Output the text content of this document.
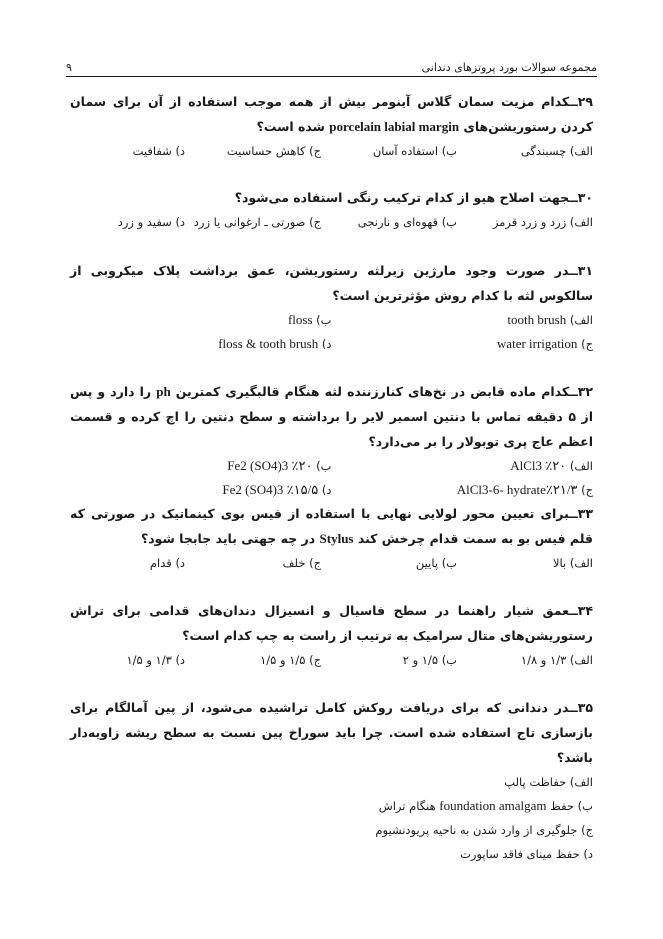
مجموعه سوالات بورد پروتزهای دندانی
۹
۲۹ــکدام مزیت سمان گلاس آینومر بیش از همه موجب استفاده از آن برای سمان کردن رستوریشن‌های porcelain labial margin شده است؟
الف) چسبندگی
ب) استفاده آسان
ج) کاهش حساسیت
د) شفافیت
۳۰ــجهت اصلاح هیو از کدام ترکیب رنگی استفاده می‌شود؟
الف) زرد و زرد قرمز
ب) قهوه‌ای و نارنجی
ج) صورتی ـ ارغوانی یا زرد
د) سفید و زرد
۳۱ــدر صورت وجود مارژین زیرلثه رستوریشن، عمق برداشت پلاک میکروبی از سالکوس لثه با کدام روش مؤثرترین است؟
الف) tooth brush
ب) floss
ج) water irrigation
د) floss & tooth brush
۳۲ــکدام ماده قابض در نخ‌های کنارزننده لثه هنگام قالبگیری کمترین ph را دارد و پس از ۵ دقیقه تماس با دنتین اسمیر لایر را برداشته و سطح دنتین را اچ کرده و قسمت اعظم عاج پری توبولار را بر می‌دارد؟
الف) AlCl3 ٪۲۰
ب) Fe2 (SO4)3 ٪۲۰
ج) AlCl3-6- hydrate٪۲۱/۳
د) Fe2 (SO4)3 ٪۱۵/۵
۳۳ــبرای تعیین محور لولایی نهایی با استفاده از فیس بوی کینماتیک در صورتی که قلم فیس بو به سمت قدام چرخش کند Stylus در چه جهتی باید جابجا شود؟
الف) بالا
ب) پایین
ج) خلف
د) قدام
۳۴ــعمق شیار راهنما در سطح فاسیال و انسیزال دندان‌های قدامی برای تراش رستوریشن‌های متال سرامیک به ترتیب از راست به چپ کدام است؟
الف) ۱/۳ و ۱/۸
ب) ۱/۵ و ۲
ج) ۱/۵ و ۱/۵
د) ۱/۳ و ۱/۵
۳۵ــدر دندانی که برای دریافت روکش کامل تراشیده می‌شود، از پین آمالگام برای بازسازی تاج استفاده شده است. چرا باید سوراخ پین نسبت به سطح ریشه زاویه‌دار باشد؟
الف) حفاظت پالپ
ب) حفظ foundation amalgam هنگام تراش
ج) جلوگیری از وارد شدن به ناحیه پریودنشیوم
د) حفظ مینای فاقد ساپورت
